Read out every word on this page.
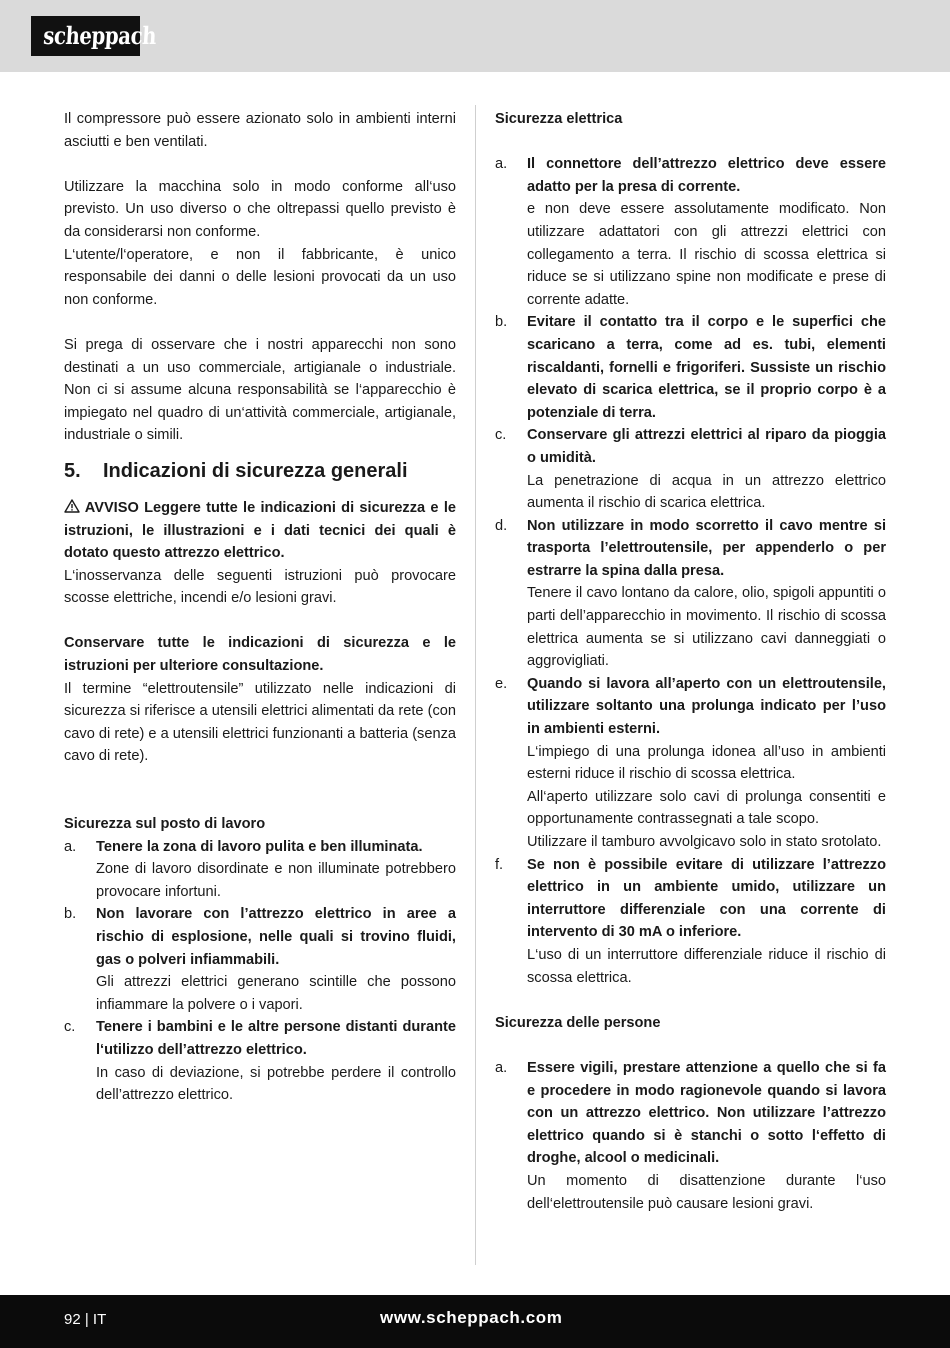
scheppach

Il compressore può essere azionato solo in ambienti interni asciutti e ben ventilati.

Utilizzare la macchina solo in modo conforme all‘uso previsto. Un uso diverso o che oltrepassi quello previsto è da considerarsi non conforme.

L‘utente/l‘operatore, e non il fabbricante, è unico responsabile dei danni o delle lesioni provocati da un uso non conforme.

Si prega di osservare che i nostri apparecchi non sono destinati a un uso commerciale, artigianale o industriale. Non ci si assume alcuna responsabilità se l‘apparecchio è impiegato nel quadro di un‘attività commerciale, artigianale, industriale o simili.

5.	Indicazioni di sicurezza generali

AVVISO Leggere tutte le indicazioni di sicurezza e le istruzioni, le illustrazioni e i dati tecnici dei quali è dotato questo attrezzo elettrico.

L‘inosservanza delle seguenti istruzioni può provocare scosse elettriche, incendi e/o lesioni gravi.

Conservare tutte le indicazioni di sicurezza e le istruzioni per ulteriore consultazione.

Il termine “elettroutensile” utilizzato nelle indicazioni di sicurezza si riferisce a utensili elettrici alimentati da rete (con cavo di rete) e a utensili elettrici funzionanti a batteria (senza cavo di rete).

Sicurezza sul posto di lavoro

a.	Tenere la zona di lavoro pulita e ben illuminata.

Zone di lavoro disordinate e non illuminate potrebbero provocare infortuni.

b.	Non lavorare con l’attrezzo elettrico in aree a rischio di esplosione, nelle quali si trovino fluidi, gas o polveri infiammabili.

Gli attrezzi elettrici generano scintille che possono infiammare la polvere o i vapori.

c.	Tenere i bambini e le altre persone distanti durante l‘utilizzo dell’attrezzo elettrico.

In caso di deviazione, si potrebbe perdere il controllo dell’attrezzo elettrico.

Sicurezza elettrica

a.	Il connettore dell’attrezzo elettrico deve essere adatto per la presa di corrente.

e non deve essere assolutamente modificato. Non utilizzare adattatori con gli attrezzi elettrici con collegamento a terra. Il rischio di scossa elettrica si riduce se si utilizzano spine non modificate e prese di corrente adatte.

b.	Evitare il contatto tra il corpo e le superfici che scaricano a terra, come ad es. tubi, elementi riscaldanti, fornelli e frigoriferi. Sussiste un rischio elevato di scarica elettrica, se il proprio corpo è a potenziale di terra.

c.	Conservare gli attrezzi elettrici al riparo da pioggia o umidità.

La penetrazione di acqua in un attrezzo elettrico aumenta il rischio di scarica elettrica.

d.	Non utilizzare in modo scorretto il cavo mentre si trasporta l’elettroutensile, per appenderlo o per estrarre la spina dalla presa.

Tenere il cavo lontano da calore, olio, spigoli appuntiti o parti dell’apparecchio in movimento. Il rischio di scossa elettrica aumenta se si utilizzano cavi danneggiati o aggrovigliati.

e.	Quando si lavora all’aperto con un elettroutensile, utilizzare soltanto una prolunga indicato per l’uso in ambienti esterni.

L‘impiego di una prolunga idonea all’uso in ambienti esterni riduce il rischio di scossa elettrica.

All‘aperto utilizzare solo cavi di prolunga consentiti e opportunamente contrassegnati a tale scopo.

Utilizzare il tamburo avvolgicavo solo in stato srotolato.

f.	Se non è possibile evitare di utilizzare l’attrezzo elettrico in un ambiente umido, utilizzare un interruttore differenziale con una corrente di intervento di 30 mA o inferiore.

L‘uso di un interruttore differenziale riduce il rischio di scossa elettrica.

Sicurezza delle persone

a.	Essere vigili, prestare attenzione a quello che si fa e procedere in modo ragionevole quando si lavora con un attrezzo elettrico. Non utilizzare l’attrezzo elettrico quando si è stanchi o sotto l‘effetto di droghe, alcool o medicinali.

Un momento di disattenzione durante l‘uso dell‘elettroutensile può causare lesioni gravi.

92 | IT	www.scheppach.com
